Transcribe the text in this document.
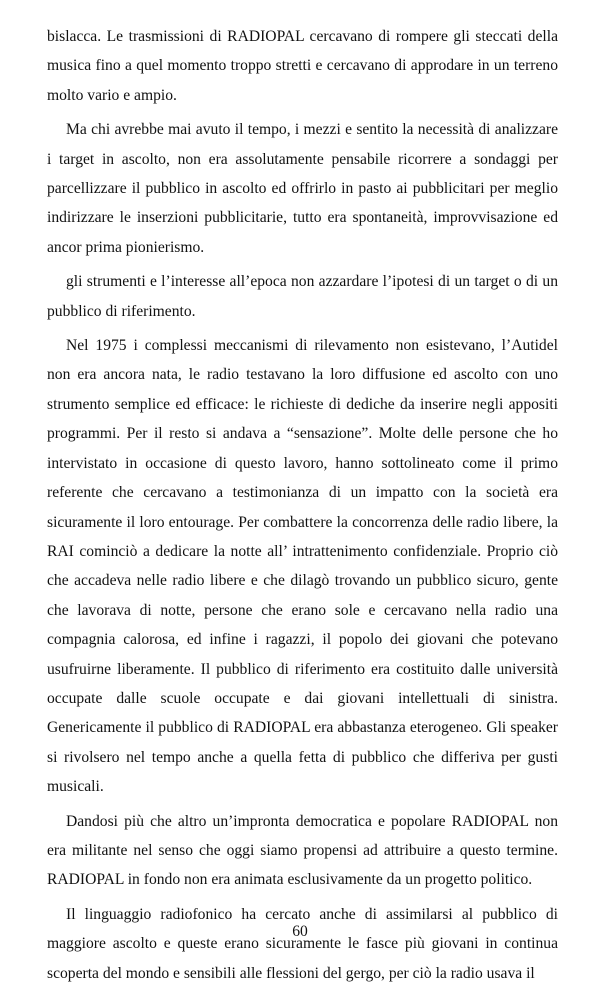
bislacca. Le trasmissioni di RADIOPAL cercavano di rompere gli steccati della musica fino a quel momento troppo stretti e cercavano di approdare in un terreno molto vario e ampio.

Ma chi avrebbe mai avuto il tempo, i mezzi e sentito la necessità di analizzare i target in ascolto, non era assolutamente pensabile ricorrere a sondaggi per parcellizzare il pubblico in ascolto ed offrirlo in pasto ai pubblicitari per meglio indirizzare le inserzioni pubblicitarie, tutto era spontaneità, improvvisazione ed ancor prima pionierismo.

gli strumenti e l’interesse all’epoca non azzardare l’ipotesi di un target o di un pubblico di riferimento.

Nel 1975 i complessi meccanismi di rilevamento non esistevano, l’Autidel non era ancora nata, le radio testavano la loro diffusione ed ascolto con uno strumento semplice ed efficace: le richieste di dediche da inserire negli appositi programmi. Per il resto si andava a “sensazione”. Molte delle persone che ho intervistato in occasione di questo lavoro, hanno sottolineato come il primo referente che cercavano a testimonianza di un impatto con la società era sicuramente il loro entourage. Per combattere la concorrenza delle radio libere, la RAI cominciò a dedicare la notte all’ intrattenimento confidenziale. Proprio ciò che accadeva nelle radio libere e che dilagò trovando un pubblico sicuro, gente che lavorava di notte, persone che erano sole e cercavano nella radio una compagnia calorosa, ed infine i ragazzi, il popolo dei giovani che potevano usufruirne liberamente. Il pubblico di riferimento era costituito dalle università occupate dalle scuole occupate e dai giovani intellettuali di sinistra. Genericamente il pubblico di RADIOPAL era abbastanza eterogeneo. Gli speaker si rivolsero nel tempo anche a quella fetta di pubblico che differiva per gusti musicali.

Dandosi più che altro un’impronta democratica e popolare RADIOPAL non era militante nel senso che oggi siamo propensi ad attribuire a questo termine. RADIOPAL in fondo non era animata esclusivamente da un progetto politico.

Il linguaggio radiofonico ha cercato anche di assimilarsi al pubblico di maggiore ascolto e queste erano sicuramente le fasce più giovani in continua scoperta del mondo e sensibili alle flessioni del gergo, per ciò la radio usava il

60
